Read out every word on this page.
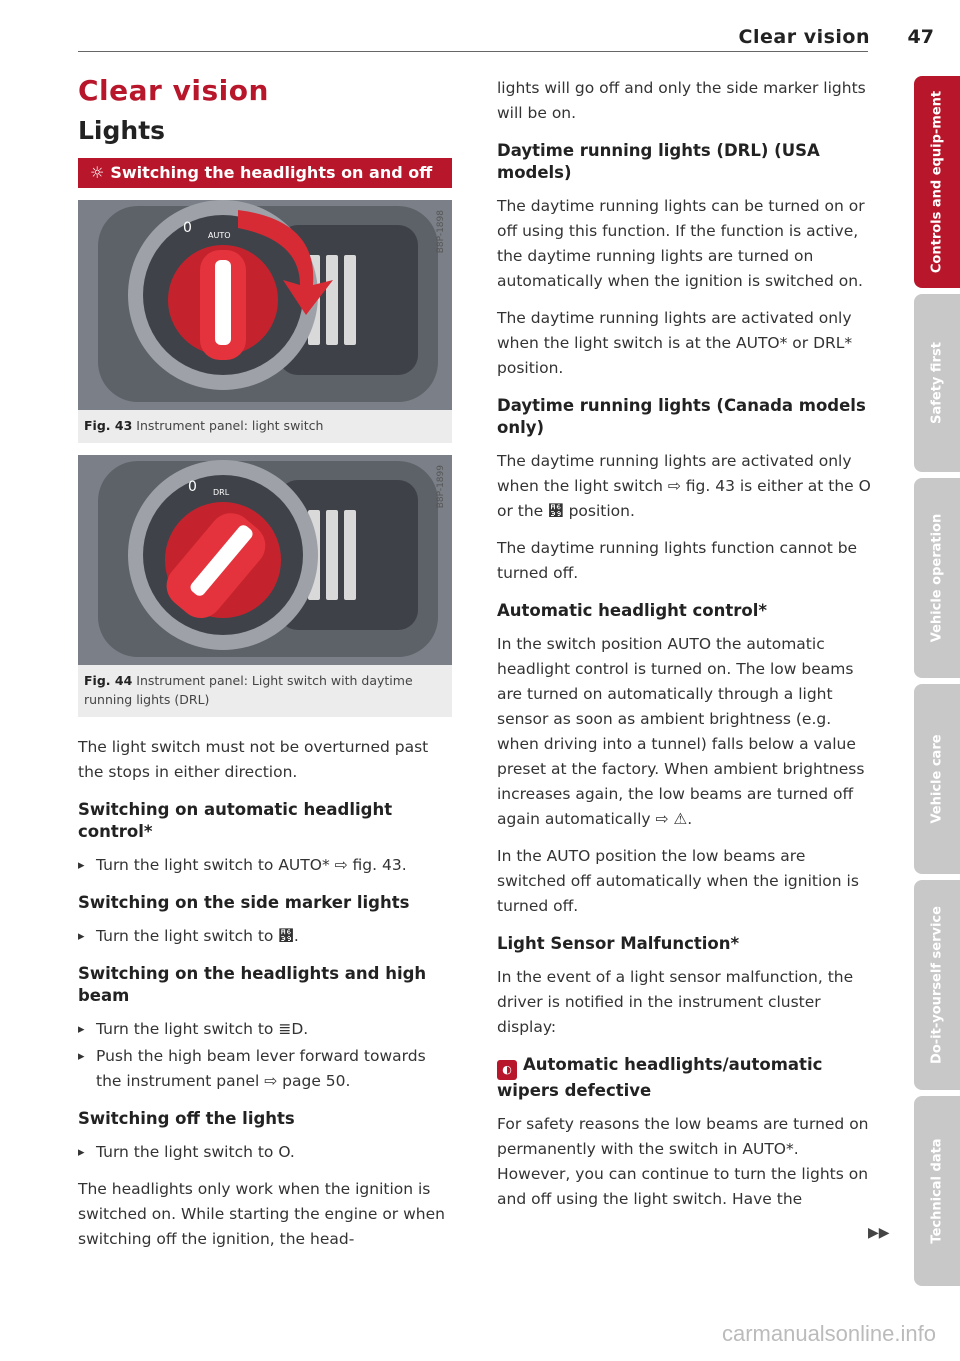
Clear vision 47
Clear vision
Lights
☼ Switching the headlights on and off
0 AUTO	B8P-1898
Fig. 43 Instrument panel: light switch
0 DRL	B8P-1899
Fig. 44 Instrument panel: Light switch with daytime running lights (DRL)

The light switch must not be overturned past the stops in either direction.

Switching on automatic headlight control*
▸ Turn the light switch to AUTO* ⇨ fig. 43.
Switching on the side marker lights
▸ Turn the light switch to ꘹.
Switching on the headlights and high beam
▸ Turn the light switch to ≣D.
▸ Push the high beam lever forward towards the instrument panel ⇨ page 50.
Switching off the lights
▸ Turn the light switch to O.

The headlights only work when the ignition is switched on. While starting the engine or when switching off the ignition, the head-

lights will go off and only the side marker lights will be on.

Daytime running lights (DRL) (USA models)

The daytime running lights can be turned on or off using this function. If the function is active, the daytime running lights are turned on automatically when the ignition is switched on.

The daytime running lights are activated only when the light switch is at the AUTO* or DRL* position.

Daytime running lights (Canada models only)

The daytime running lights are activated only when the light switch ⇨ fig. 43 is either at the O or the ꘹ position.

The daytime running lights function cannot be turned off.

Automatic headlight control*

In the switch position AUTO the automatic headlight control is turned on. The low beams are turned on automatically through a light sensor as soon as ambient brightness (e.g. when driving into a tunnel) falls below a value preset at the factory. When ambient brightness increases again, the low beams are turned off again automatically ⇨ ⚠.

In the AUTO position the low beams are switched off automatically when the ignition is turned off.

Light Sensor Malfunction*

In the event of a light sensor malfunction, the driver is notified in the instrument cluster display:

◐ Automatic headlights/automatic wipers defective

For safety reasons the low beams are turned on permanently with the switch in AUTO*. However, you can continue to turn the lights on and off using the light switch. Have the

▶▶
Controls and equip-ment
Safety first
Vehicle operation
Vehicle care
Do-it-yourself service
Technical data
carmanualsonline.info
